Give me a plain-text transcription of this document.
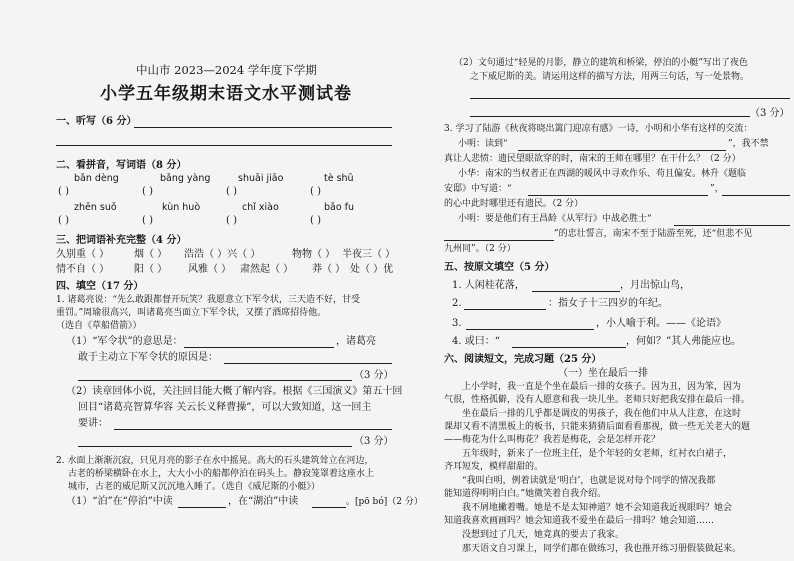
中山市 2023—2024 学年度下学期
小学五年级期末语文水平测试卷
一、听写（6 分）
二、看拼音，写词语（8 分）
bǎn dèng	bǎng yàng	shuāi jiāo	tè shū
( )	( )	( )	( )
zhēn suǒ	kùn huò	chǐ xiào	bǎo fu
( )	( )	( )	( )
三、把词语补充完整（4 分）
久别重（ ） 烟（ ） 浩浩（ ）兴（ ）	物物（ ） 半夜三（ ）
情不自（ ） 阳（ ） 风雅（ ） 肃然起（ ） 莽（ ） 处（ ）优
四、填空（17 分）
1. 诸葛亮说：“先么敢跟都督开玩笑？我愿意立下军令状，三天造不好，甘受
重罚。”周瑜很高兴，叫诸葛亮当面立下军令状，又摆了酒席招待他。
（选自《草船借箭》）
（1）“军令状”的意思是：	，诸葛亮
敢于主动立下军令状的原因是：
（3 分）
（2）读章回体小说，关注回目能大概了解内容。根据《三国演义》第五十回
回目“诸葛亮智算华容 关云长义释曹操”，可以大致知道，这一回主
要讲：
（3 分）
2. 水面上渐渐沉寂，只见月亮的影子在水中摇晃。高大的石头建筑耸立在河边，
古老的桥梁横卧在水上，大大小小的船都停泊在码头上。静寂笼罩着这座水上
城市，古老的威尼斯又沉沉地入睡了。（选自《威尼斯的小艇》）
（1）“泊”在“停泊”中读	，在“湖泊”中读	。[pō bó]（2 分）
（2）文句通过“轻晃的月影，静立的建筑和桥梁，停泊的小艇”写出了夜色
之下威尼斯的美。请运用这样的描写方法，用两三句话，写一处景物。
（3 分）
3. 学习了陆游《秋夜将晓出篱门迎凉有感》一诗，小明和小华有这样的交流：
小明：读到“	”，我不禁
真让人悲愤：遗民望眼欲穿的时，南宋的王师在哪里？在干什么？（2 分）
小华：南宋的当权者正在西湖的暖风中寻欢作乐、苟且偏安。林升《题临
安邸》中写道：“	”，
的心中此时哪里还有遗民。（2 分）
小明：要是他们有王昌龄《从军行》中战必胜士“
”的忠壮誓言，南宋不至于陆游至死，还“但悲不见
九州同”。（2 分）
五、按原文填空（5 分）
1. 人闲桂花落，	，月出惊山鸟，
2.	：指女子十三四岁的年纪。
3.	，小人喻于利。——《论语》
4. 或曰：“	，何如？”其人弗能应也。
六、阅读短文，完成习题（25 分）
（一）坐在最后一排
上小学时，我一直是个坐在最后一排的女孩子。因为丑，因为笨，因为
气很，性格孤僻，没有人愿意和我一块儿坐。老师只好把我安排在最后一排。
坐在最后一排的几乎都是调皮的男孩子，我在他们中从人注意，在这时
课却又看不清黑板上的板书，只能来猜猜后面看看那视，做一些无关老大的题
——梅花为什么叫梅花？我若是梅花，会是怎样开花？
五年级时，新来了一位班主任，是个年轻的女老师，红衬衣白裙子，
齐耳短发，模样甜甜的。
“我叫白明，例着读就是‘明白’，也就是说对每个同学的情况我都
能知道得明明白白。”她微笑着自我介绍。
我不屑地撇着嘴。她是不是太知神道？她不会知道我近视眼吗？她会
知道我喜欢画画吗？她会知道我不爱坐在最后一排吗？她会知道……
没想到过了几天，她竟真的要去了我家。
那天语文自习课上，同学们都在做练习，我也推开练习册假装做起来。
